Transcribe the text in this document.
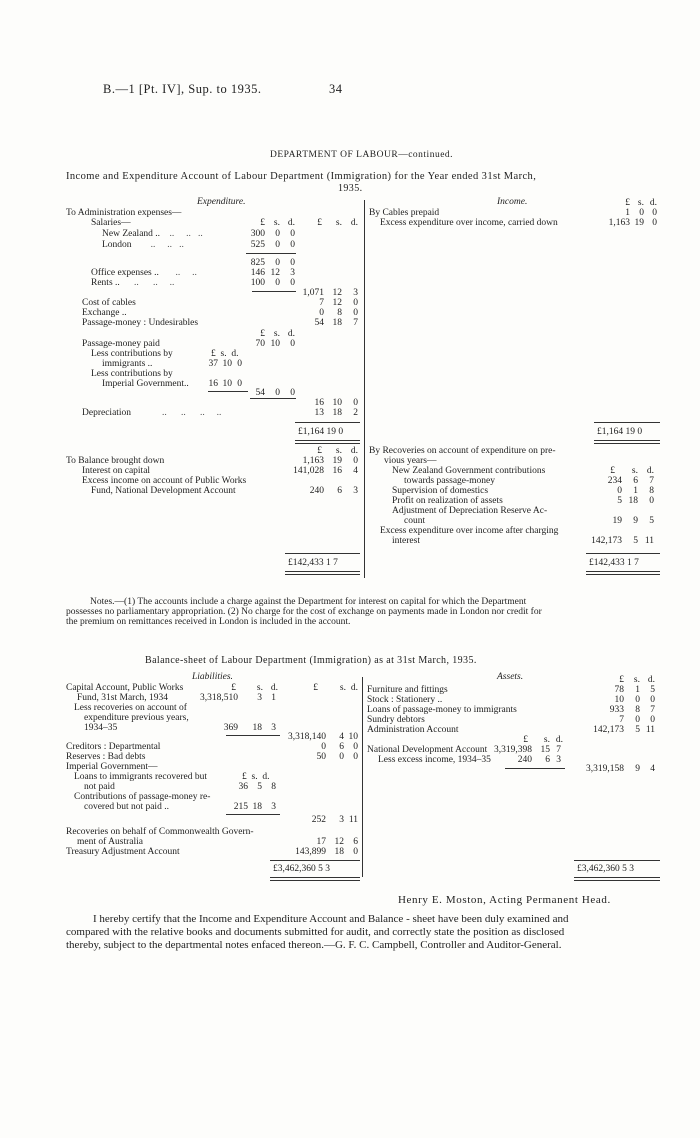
B.—1 [Pt. IV], Sup. to 1935.	34
DEPARTMENT OF LABOUR—continued.
Income and Expenditure Account of Labour Department (Immigration) for the Year ended 31st March,
1935.
Expenditure.	Income.
To Administration expenses—
Salaries—	£ s. d.	£	s. d.
New Zealand ..    ..     ..   ..	300	0	0
London        ..     ..   ..	525	0	0
825	0	0
Office expenses ..       ..     ..	146 12	3
Rents ..      ..      ..     ..	100	0	0
1,071 12	3
Cost of cables	7 12	0
Exchange ..	0	8	0
Passage-money : Undesirables	54 18	7
£ s. d.
Passage-money paid	70 10	0
Less contributions by	£ s. d.
immigrants ..	37 10 0
Less contributions by
Imperial Government..	16 10 0
54	0	0
16 10	0
Depreciation             ..      ..      ..     ..	13 18	2
£1,164 19 0
£	s. d.
To Balance brought down	1,163 19	0
Interest on capital	141,028 16	4
Excess income on account of Public Works
Fund, National Development Account	240	6	3
£142,433 1 7
£ s. d.
By Cables prepaid	1 0 0
Excess expenditure over income, carried down	1,163 19 0
£1,164 19 0
By Recoveries on account of expenditure on pre-
vious years—
New Zealand Government contributions	£	s. d.
towards passage-money	234	6	7
Supervision of domestics	0	1	8
Profit on realization of assets	5 18	0
Adjustment of Depreciation Reserve Ac-
count	19	9	5
Excess expenditure over income after charging
interest	142,173	5 11
£142,433 1 7
Notes.—(1) The accounts include a charge against the Department for interest on capital for which the Department
possesses no parliamentary appropriation. (2) No charge for the cost of exchange on payments made in London nor credit for
the premium on remittances received in London is included in the account.
Balance-sheet of Labour Department (Immigration) as at 31st March, 1935.
Liabilities.	Assets.
Capital Account, Public Works	£	s. d.	£	s. d.
Fund, 31st March, 1934	3,318,510	3 1
Less recoveries on account of
expenditure previous years,
1934–35	369 18 3
3,318,140	4 10
Creditors : Departmental	0	6 0
Reserves : Bad debts	50	0 0
Imperial Government—
Loans to immigrants recovered but	£ s. d.
not paid	36 5 8
Contributions of passage-money re-
covered but not paid ..	215 18 3
252	3 11
Recoveries on behalf of Commonwealth Govern-
ment of Australia	17 12 6
Treasury Adjustment Account	143,899 18 0
£3,462,360 5 3
£	s. d.
Furniture and fittings	78	1	5
Stock : Stationery ..	10	0	0
Loans of passage-money to immigrants	933	8	7
Sundry debtors	7	0	0
Administration Account	142,173	5 11
£	s. d.
National Development Account 3,319,398 15 7
Less excess income, 1934–35	240	6 3
3,319,158	9	4
£3,462,360 5 3
Henry E. Moston, Acting Permanent Head.
I hereby certify that the Income and Expenditure Account and Balance - sheet have been duly examined and
compared with the relative books and documents submitted for audit, and correctly state the position as disclosed
thereby, subject to the departmental notes enfaced thereon.—G. F. C. Campbell, Controller and Auditor-General.
